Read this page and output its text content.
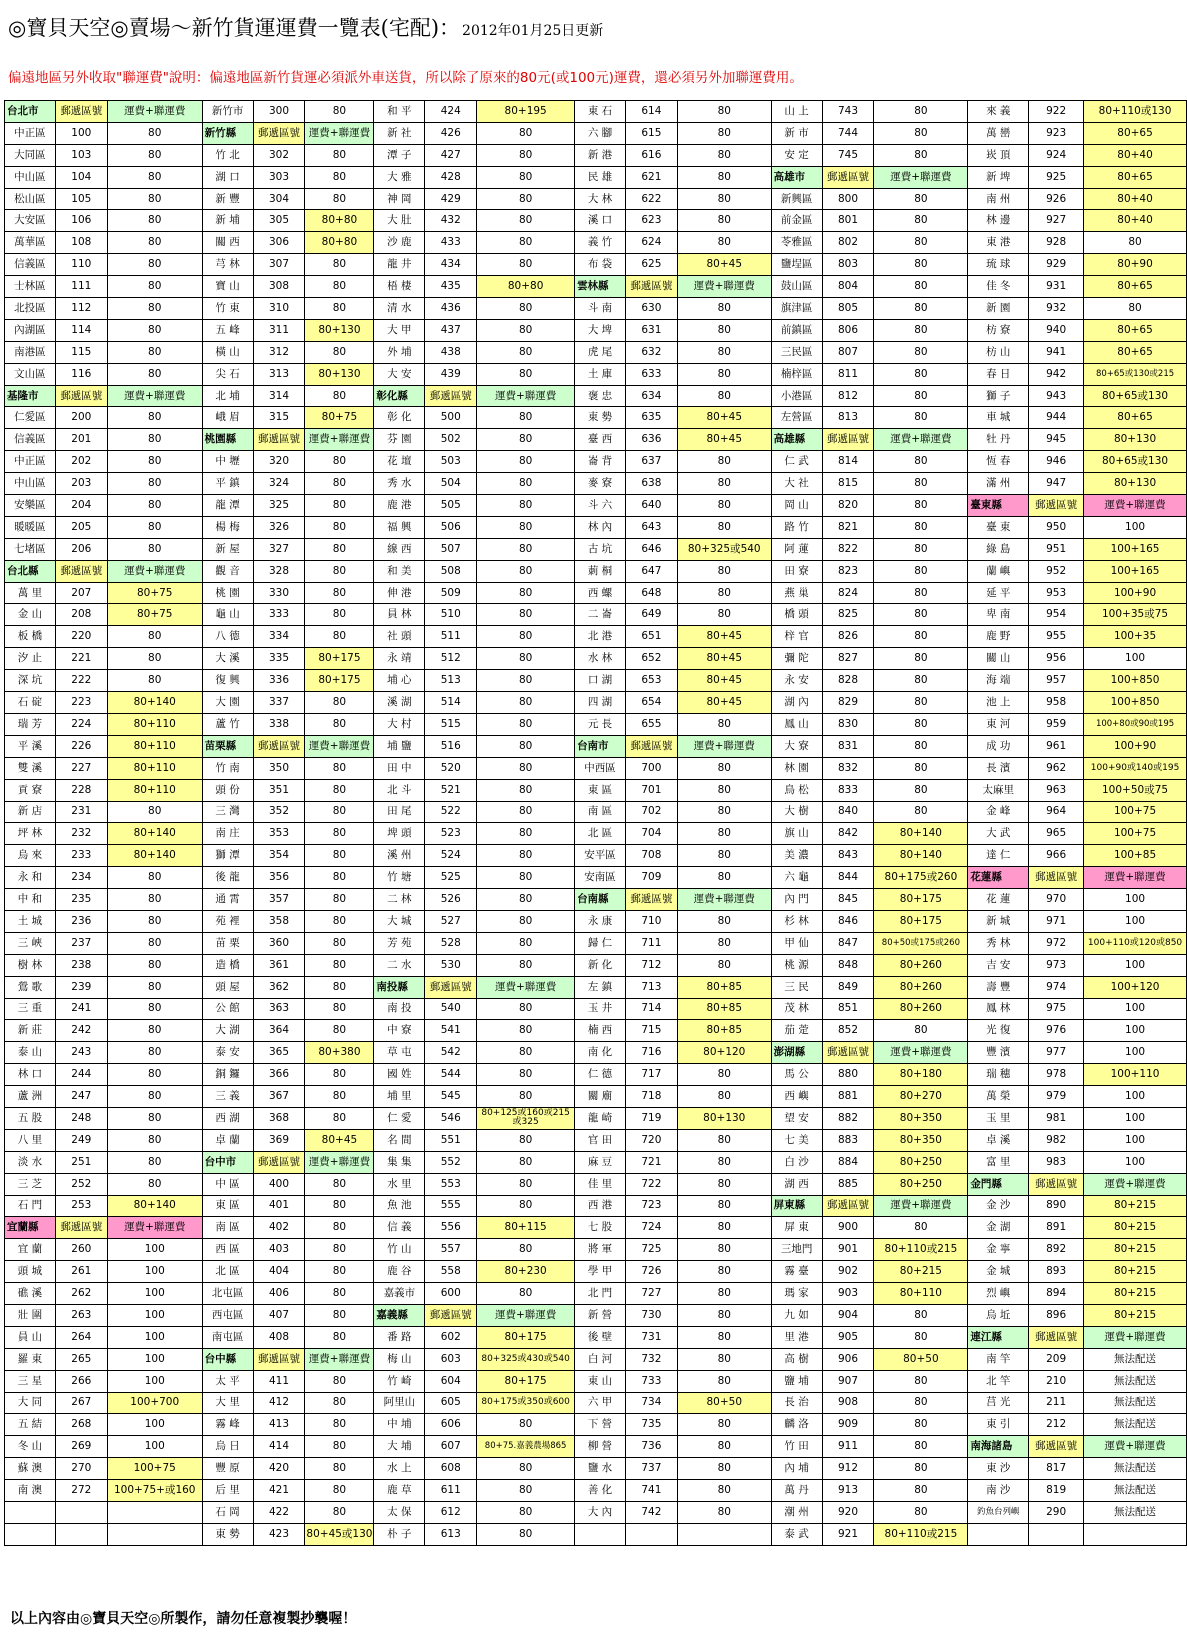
◎寶貝天空◎賣場～新竹貨運運費一覽表(宅配)： 2012年01月25日更新
偏遠地區另外收取"聯運費"說明：偏遠地區新竹貨運必須派外車送貨，所以除了原來的80元(或100元)運費，還必須另外加聯運費用。
台北市	郵遞區號	運費+聯運費	新竹市	300	80	和 平	424	80+195	東 石	614	80	山 上	743	80	來 義	922	80+110或130
中正區	100	80	新竹縣	郵遞區號	運費+聯運費	新 社	426	80	六 腳	615	80	新 市	744	80	萬 巒	923	80+65
大同區	103	80	竹 北	302	80	潭 子	427	80	新 港	616	80	安 定	745	80	崁 頂	924	80+40
中山區	104	80	湖 口	303	80	大 雅	428	80	民 雄	621	80	高雄市	郵遞區號	運費+聯運費	新 埤	925	80+65
松山區	105	80	新 豐	304	80	神 岡	429	80	大 林	622	80	新興區	800	80	南 州	926	80+40
大安區	106	80	新 埔	305	80+80	大 肚	432	80	溪 口	623	80	前金區	801	80	林 邊	927	80+40
萬華區	108	80	關 西	306	80+80	沙 鹿	433	80	義 竹	624	80	苓雅區	802	80	東 港	928	80
信義區	110	80	芎 林	307	80	龍 井	434	80	布 袋	625	80+45	鹽埕區	803	80	琉 球	929	80+90
士林區	111	80	寶 山	308	80	梧 棲	435	80+80	雲林縣	郵遞區號	運費+聯運費	鼓山區	804	80	佳 冬	931	80+65
北投區	112	80	竹 東	310	80	清 水	436	80	斗 南	630	80	旗津區	805	80	新 園	932	80
內湖區	114	80	五 峰	311	80+130	大 甲	437	80	大 埤	631	80	前鎮區	806	80	枋 寮	940	80+65
南港區	115	80	橫 山	312	80	外 埔	438	80	虎 尾	632	80	三民區	807	80	枋 山	941	80+65
文山區	116	80	尖 石	313	80+130	大 安	439	80	土 庫	633	80	楠梓區	811	80	春 日	942	80+65或130或215
基隆市	郵遞區號	運費+聯運費	北 埔	314	80	彰化縣	郵遞區號	運費+聯運費	褒 忠	634	80	小港區	812	80	獅 子	943	80+65或130
仁愛區	200	80	峨 眉	315	80+75	彰 化	500	80	東 勢	635	80+45	左營區	813	80	車 城	944	80+65
信義區	201	80	桃園縣	郵遞區號	運費+聯運費	芬 園	502	80	臺 西	636	80+45	高雄縣	郵遞區號	運費+聯運費	牡 丹	945	80+130
中正區	202	80	中 壢	320	80	花 壇	503	80	崙 背	637	80	仁 武	814	80	恆 春	946	80+65或130
中山區	203	80	平 鎮	324	80	秀 水	504	80	麥 寮	638	80	大 社	815	80	滿 州	947	80+130
安樂區	204	80	龍 潭	325	80	鹿 港	505	80	斗 六	640	80	岡 山	820	80	臺東縣	郵遞區號	運費+聯運費
暖暖區	205	80	楊 梅	326	80	福 興	506	80	林 內	643	80	路 竹	821	80	臺 東	950	100
七堵區	206	80	新 屋	327	80	線 西	507	80	古 坑	646	80+325或540	阿 蓮	822	80	綠 島	951	100+165
台北縣	郵遞區號	運費+聯運費	觀 音	328	80	和 美	508	80	莿 桐	647	80	田 寮	823	80	蘭 嶼	952	100+165
萬 里	207	80+75	桃 園	330	80	伸 港	509	80	西 螺	648	80	燕 巢	824	80	延 平	953	100+90
金 山	208	80+75	龜 山	333	80	員 林	510	80	二 崙	649	80	橋 頭	825	80	卑 南	954	100+35或75
板 橋	220	80	八 德	334	80	社 頭	511	80	北 港	651	80+45	梓 官	826	80	鹿 野	955	100+35
汐 止	221	80	大 溪	335	80+175	永 靖	512	80	水 林	652	80+45	彌 陀	827	80	關 山	956	100
深 坑	222	80	復 興	336	80+175	埔 心	513	80	口 湖	653	80+45	永 安	828	80	海 端	957	100+850
石 碇	223	80+140	大 園	337	80	溪 湖	514	80	四 湖	654	80+45	湖 內	829	80	池 上	958	100+850
瑞 芳	224	80+110	蘆 竹	338	80	大 村	515	80	元 長	655	80	鳳 山	830	80	東 河	959	100+80或90或195
平 溪	226	80+110	苗栗縣	郵遞區號	運費+聯運費	埔 鹽	516	80	台南市	郵遞區號	運費+聯運費	大 寮	831	80	成 功	961	100+90
雙 溪	227	80+110	竹 南	350	80	田 中	520	80	中西區	700	80	林 園	832	80	長 濱	962	100+90或140或195
貢 寮	228	80+110	頭 份	351	80	北 斗	521	80	東 區	701	80	鳥 松	833	80	太麻里	963	100+50或75
新 店	231	80	三 灣	352	80	田 尾	522	80	南 區	702	80	大 樹	840	80	金 峰	964	100+75
坪 林	232	80+140	南 庄	353	80	埤 頭	523	80	北 區	704	80	旗 山	842	80+140	大 武	965	100+75
烏 來	233	80+140	獅 潭	354	80	溪 州	524	80	安平區	708	80	美 濃	843	80+140	達 仁	966	100+85
永 和	234	80	後 龍	356	80	竹 塘	525	80	安南區	709	80	六 龜	844	80+175或260	花蓮縣	郵遞區號	運費+聯運費
中 和	235	80	通 霄	357	80	二 林	526	80	台南縣	郵遞區號	運費+聯運費	內 門	845	80+175	花 蓮	970	100
土 城	236	80	苑 裡	358	80	大 城	527	80	永 康	710	80	杉 林	846	80+175	新 城	971	100
三 峽	237	80	苗 栗	360	80	芳 苑	528	80	歸 仁	711	80	甲 仙	847	80+50或175或260	秀 林	972	100+110或120或850
樹 林	238	80	造 橋	361	80	二 水	530	80	新 化	712	80	桃 源	848	80+260	吉 安	973	100
鶯 歌	239	80	頭 屋	362	80	南投縣	郵遞區號	運費+聯運費	左 鎮	713	80+85	三 民	849	80+260	壽 豐	974	100+120
三 重	241	80	公 館	363	80	南 投	540	80	玉 井	714	80+85	茂 林	851	80+260	鳳 林	975	100
新 莊	242	80	大 湖	364	80	中 寮	541	80	楠 西	715	80+85	茄 萣	852	80	光 復	976	100
泰 山	243	80	泰 安	365	80+380	草 屯	542	80	南 化	716	80+120	澎湖縣	郵遞區號	運費+聯運費	豐 濱	977	100
林 口	244	80	銅 鑼	366	80	國 姓	544	80	仁 德	717	80	馬 公	880	80+180	瑞 穗	978	100+110
蘆 洲	247	80	三 義	367	80	埔 里	545	80	關 廟	718	80	西 嶼	881	80+270	萬 榮	979	100
五 股	248	80	西 湖	368	80	仁 愛	546	80+125或160或215或325	龍 崎	719	80+130	望 安	882	80+350	玉 里	981	100
八 里	249	80	卓 蘭	369	80+45	名 間	551	80	官 田	720	80	七 美	883	80+350	卓 溪	982	100
淡 水	251	80	台中市	郵遞區號	運費+聯運費	集 集	552	80	麻 豆	721	80	白 沙	884	80+250	富 里	983	100
三 芝	252	80	中 區	400	80	水 里	553	80	佳 里	722	80	湖 西	885	80+250	金門縣	郵遞區號	運費+聯運費
石 門	253	80+140	東 區	401	80	魚 池	555	80	西 港	723	80	屏東縣	郵遞區號	運費+聯運費	金 沙	890	80+215
宜蘭縣	郵遞區號	運費+聯運費	南 區	402	80	信 義	556	80+115	七 股	724	80	屏 東	900	80	金 湖	891	80+215
宜 蘭	260	100	西 區	403	80	竹 山	557	80	將 軍	725	80	三地門	901	80+110或215	金 寧	892	80+215
頭 城	261	100	北 區	404	80	鹿 谷	558	80+230	學 甲	726	80	霧 臺	902	80+215	金 城	893	80+215
礁 溪	262	100	北屯區	406	80	嘉義市	600	80	北 門	727	80	瑪 家	903	80+110	烈 嶼	894	80+215
壯 圍	263	100	西屯區	407	80	嘉義縣	郵遞區號	運費+聯運費	新 營	730	80	九 如	904	80	烏 坵	896	80+215
員 山	264	100	南屯區	408	80	番 路	602	80+175	後 壁	731	80	里 港	905	80	連江縣	郵遞區號	運費+聯運費
羅 東	265	100	台中縣	郵遞區號	運費+聯運費	梅 山	603	80+325或430或540	白 河	732	80	高 樹	906	80+50	南 竿	209	無法配送
三 星	266	100	太 平	411	80	竹 崎	604	80+175	東 山	733	80	鹽 埔	907	80	北 竿	210	無法配送
大 同	267	100+700	大 里	412	80	阿里山	605	80+175或350或600	六 甲	734	80+50	長 治	908	80	莒 光	211	無法配送
五 結	268	100	霧 峰	413	80	中 埔	606	80	下 營	735	80	麟 洛	909	80	東 引	212	無法配送
冬 山	269	100	烏 日	414	80	大 埔	607	80+75.嘉義農場865	柳 營	736	80	竹 田	911	80	南海諸島	郵遞區號	運費+聯運費
蘇 澳	270	100+75	豐 原	420	80	水 上	608	80	鹽 水	737	80	內 埔	912	80	東 沙	817	無法配送
南 澳	272	100+75+或160	后 里	421	80	鹿 草	611	80	善 化	741	80	萬 丹	913	80	南 沙	819	無法配送
			石 岡	422	80	太 保	612	80	大 內	742	80	潮 州	920	80	釣魚台列嶼	290	無法配送
			東 勢	423	80+45或130	朴 子	613	80				泰 武	921	80+110或215			
以上內容由◎寶貝天空◎所製作，請勿任意複製抄襲喔！
